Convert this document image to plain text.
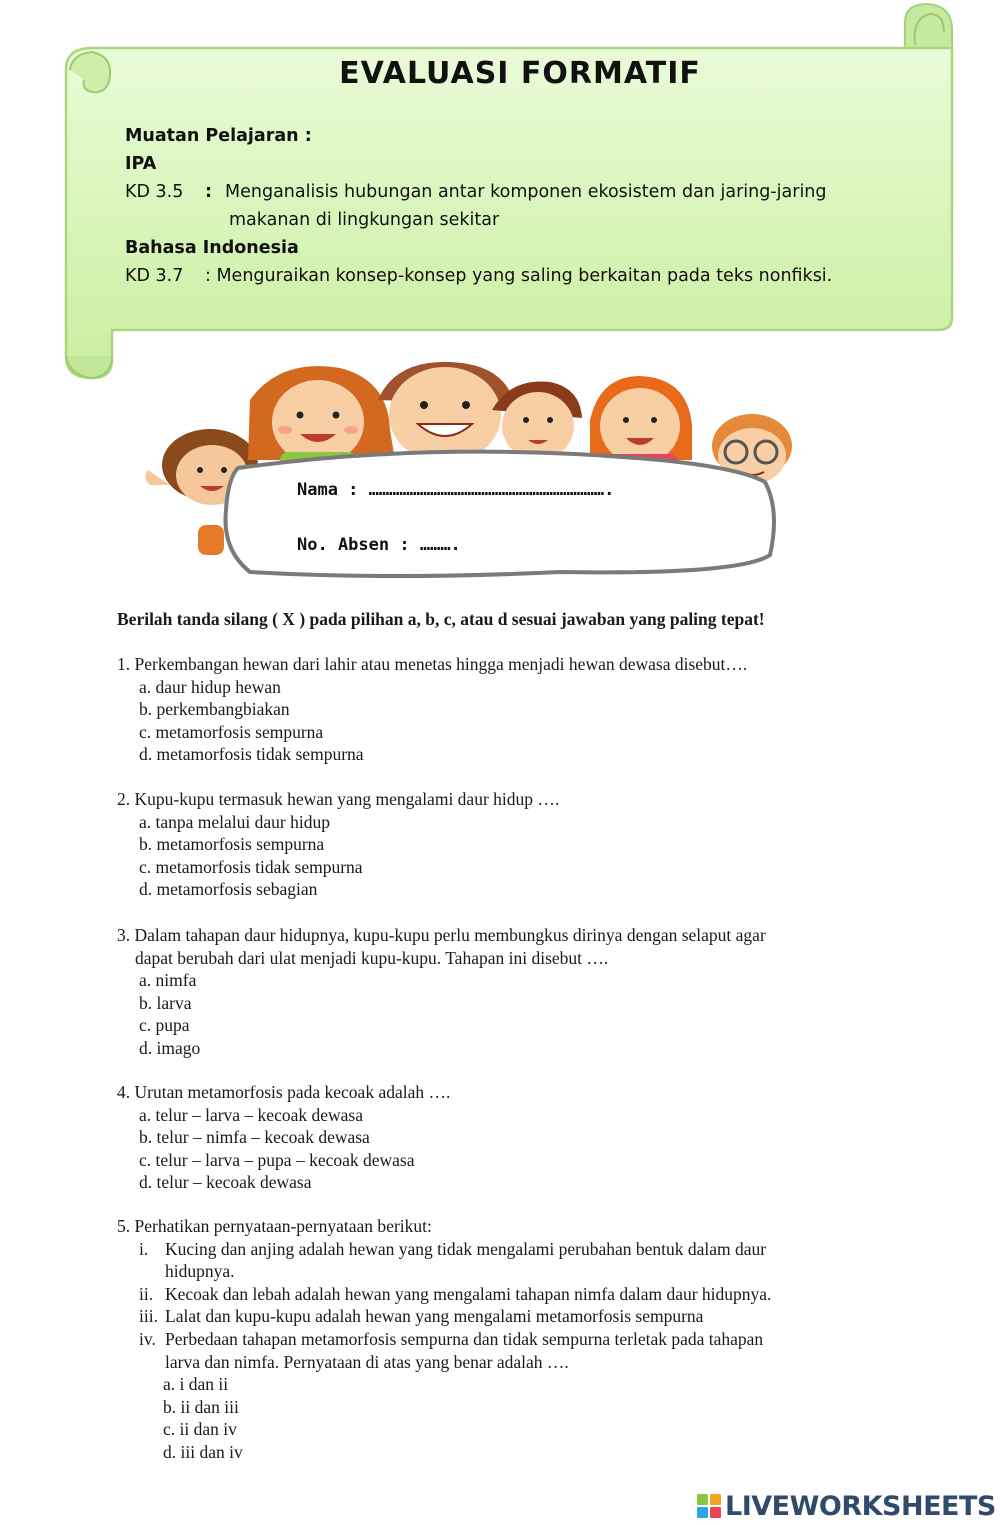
EVALUASI FORMATIF
Muatan Pelajaran :
IPA
KD 3.5	: Menganalisis hubungan antar komponen ekosistem dan jaring-jaring
makanan di lingkungan sekitar
Bahasa Indonesia
KD 3.7	: Menguraikan konsep-konsep yang saling berkaitan pada teks nonfiksi.
Nama : …………………………………………………………….
No. Absen : ……….
Berilah tanda silang ( X ) pada pilihan a, b, c, atau d sesuai jawaban yang paling tepat!
1. Perkembangan hewan dari lahir atau menetas hingga menjadi hewan dewasa disebut….
a. daur hidup hewan
b. perkembangbiakan
c. metamorfosis sempurna
d. metamorfosis tidak sempurna
2. Kupu-kupu termasuk hewan yang mengalami daur hidup ….
a. tanpa melalui daur hidup
b. metamorfosis sempurna
c. metamorfosis tidak sempurna
d. metamorfosis sebagian
3. Dalam tahapan daur hidupnya, kupu-kupu perlu membungkus dirinya dengan selaput agar
dapat berubah dari ulat menjadi kupu-kupu. Tahapan ini disebut ….
a. nimfa
b. larva
c. pupa
d. imago
4. Urutan metamorfosis pada kecoak adalah ….
a. telur – larva – kecoak dewasa
b. telur – nimfa – kecoak dewasa
c. telur – larva – pupa – kecoak dewasa
d. telur – kecoak dewasa
5. Perhatikan pernyataan-pernyataan berikut:
i. Kucing dan anjing adalah hewan yang tidak mengalami perubahan bentuk dalam daur
hidupnya.
ii. Kecoak dan lebah adalah hewan yang mengalami tahapan nimfa dalam daur hidupnya.
iii. Lalat dan kupu-kupu adalah hewan yang mengalami metamorfosis sempurna
iv. Perbedaan tahapan metamorfosis sempurna dan tidak sempurna terletak pada tahapan
larva dan nimfa. Pernyataan di atas yang benar adalah ….
a. i dan ii
b. ii dan iii
c. ii dan iv
d. iii dan iv
LIVEWORKSHEETS
